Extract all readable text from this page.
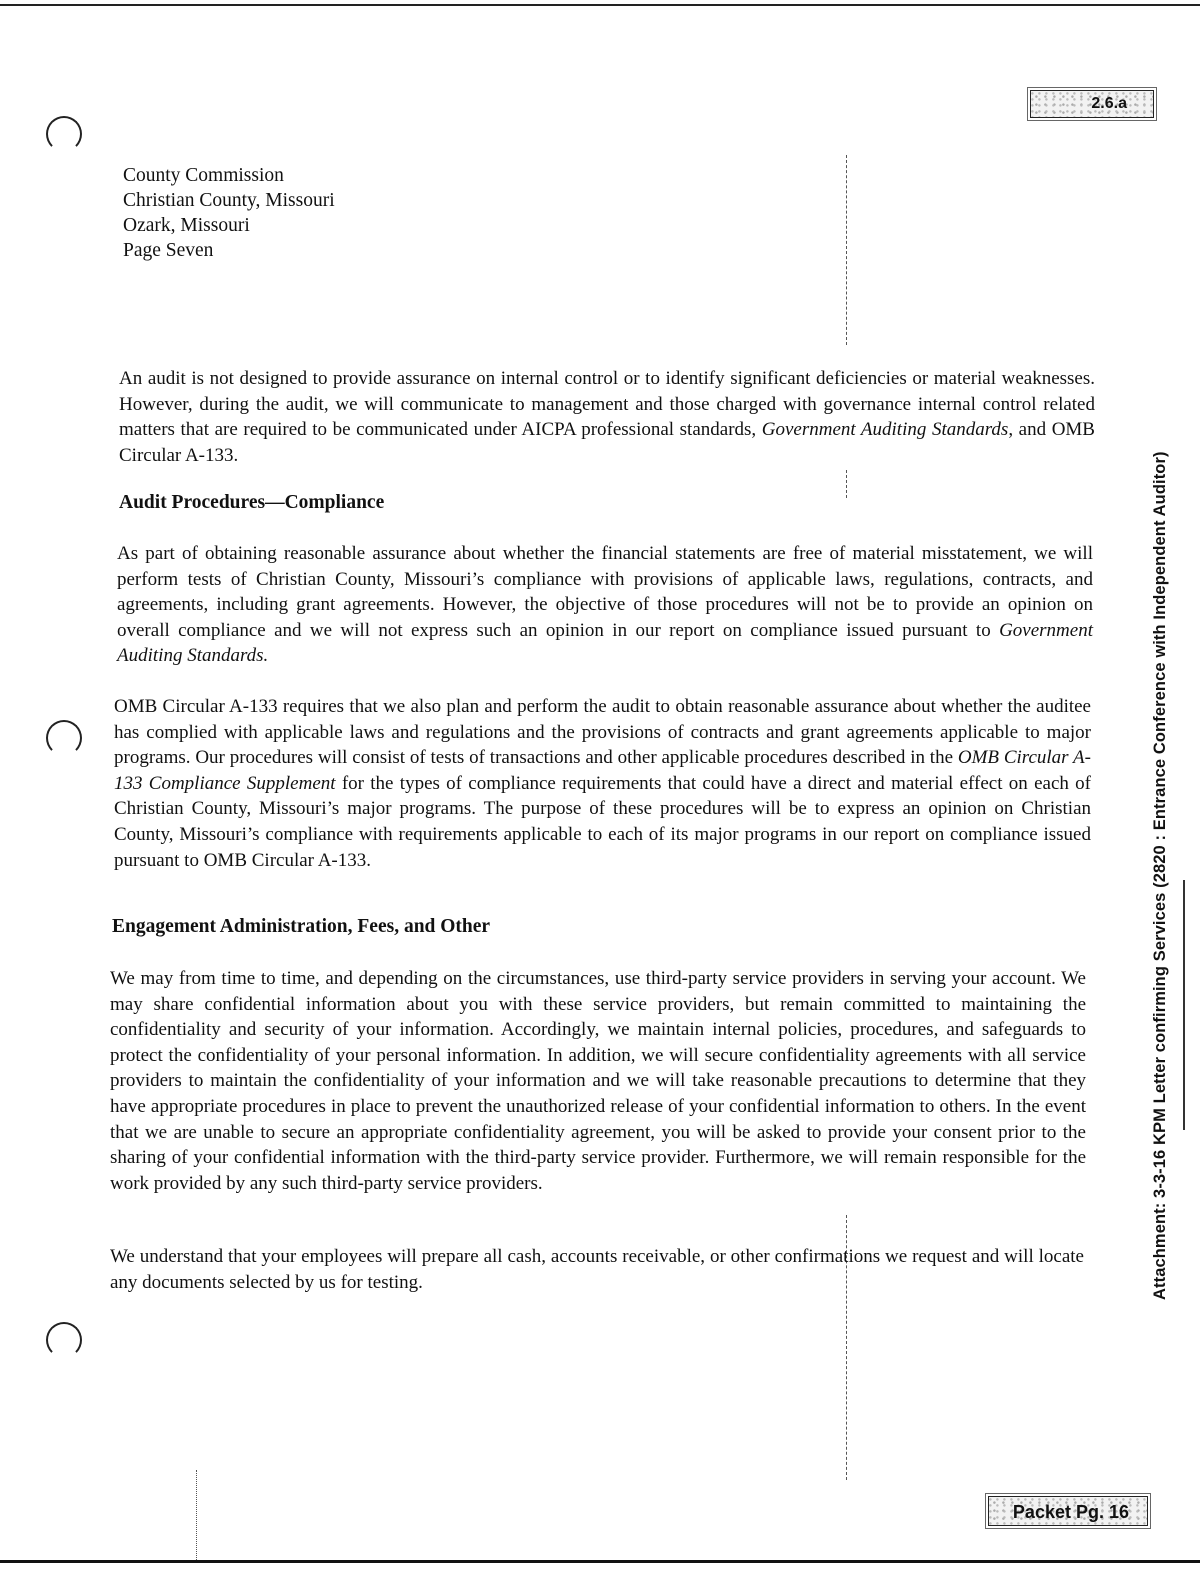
2.6.a
County Commission
Christian County, Missouri
Ozark, Missouri
Page Seven

An audit is not designed to provide assurance on internal control or to identify significant deficiencies or material weaknesses. However, during the audit, we will communicate to management and those charged with governance internal control related matters that are required to be communicated under AICPA professional standards, Government Auditing Standards, and OMB Circular A-133.

Audit Procedures—Compliance

As part of obtaining reasonable assurance about whether the financial statements are free of material misstatement, we will perform tests of Christian County, Missouri’s compliance with provisions of applicable laws, regulations, contracts, and agreements, including grant agreements. However, the objective of those procedures will not be to provide an opinion on overall compliance and we will not express such an opinion in our report on compliance issued pursuant to Government Auditing Standards.

OMB Circular A-133 requires that we also plan and perform the audit to obtain reasonable assurance about whether the auditee has complied with applicable laws and regulations and the provisions of contracts and grant agreements applicable to major programs. Our procedures will consist of tests of transactions and other applicable procedures described in the OMB Circular A-133 Compliance Supplement for the types of compliance requirements that could have a direct and material effect on each of Christian County, Missouri’s major programs. The purpose of these procedures will be to express an opinion on Christian County, Missouri’s compliance with requirements applicable to each of its major programs in our report on compliance issued pursuant to OMB Circular A-133.

Engagement Administration, Fees, and Other

We may from time to time, and depending on the circumstances, use third-party service providers in serving your account. We may share confidential information about you with these service providers, but remain committed to maintaining the confidentiality and security of your information. Accordingly, we maintain internal policies, procedures, and safeguards to protect the confidentiality of your personal information. In addition, we will secure confidentiality agreements with all service providers to maintain the confidentiality of your information and we will take reasonable precautions to determine that they have appropriate procedures in place to prevent the unauthorized release of your confidential information to others. In the event that we are unable to secure an appropriate confidentiality agreement, you will be asked to provide your consent prior to the sharing of your confidential information with the third-party service provider. Furthermore, we will remain responsible for the work provided by any such third-party service providers.

We understand that your employees will prepare all cash, accounts receivable, or other confirmations we request and will locate any documents selected by us for testing.	Attachment: 3-3-16 KPM Letter confirming Services (2820 : Entrance Conference with Independent Auditor)
Packet Pg. 16
